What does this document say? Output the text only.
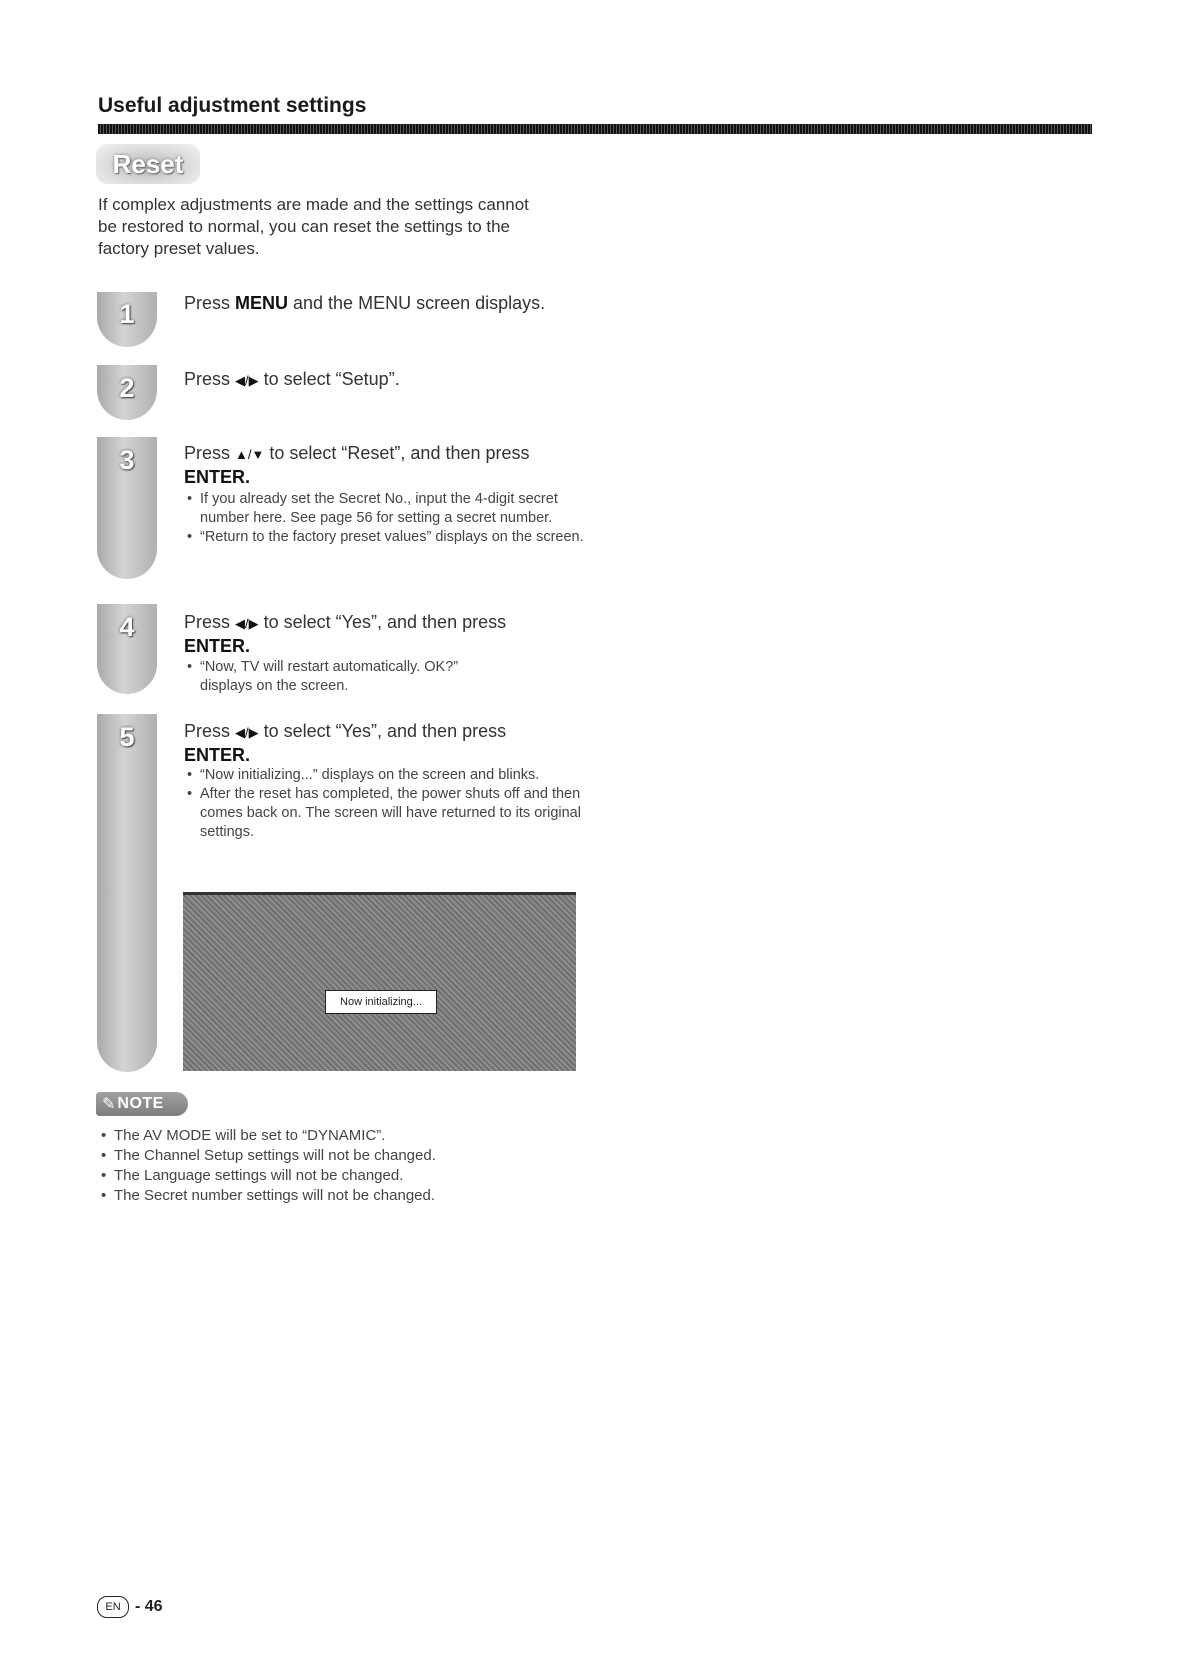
Useful adjustment settings
Reset

If complex adjustments are made and the settings cannot be restored to normal, you can reset the settings to the factory preset values.

1
2
3
4
5

Press MENU and the MENU screen displays.

Press ◀/▶ to select “Setup”.

Press ▲/▼ to select “Reset”, and then press
ENTER.

• If you already set the Secret No., input the 4-digit secret number here. See page 56 for setting a secret number.
• “Return to the factory preset values” displays on the screen.

Press ◀/▶ to select “Yes”, and then press
ENTER.

• “Now, TV will restart automatically. OK?” displays on the screen.

Press ◀/▶ to select “Yes”, and then press
ENTER.

• “Now initializing...” displays on the screen and blinks.
• After the reset has completed, the power shuts off and then comes back on. The screen will have returned to its original settings.
Now initializing...
✎ NOTE
• The AV MODE will be set to “DYNAMIC”.
• The Channel Setup settings will not be changed.
• The Language settings will not be changed.
• The Secret number settings will not be changed.
EN - 46
